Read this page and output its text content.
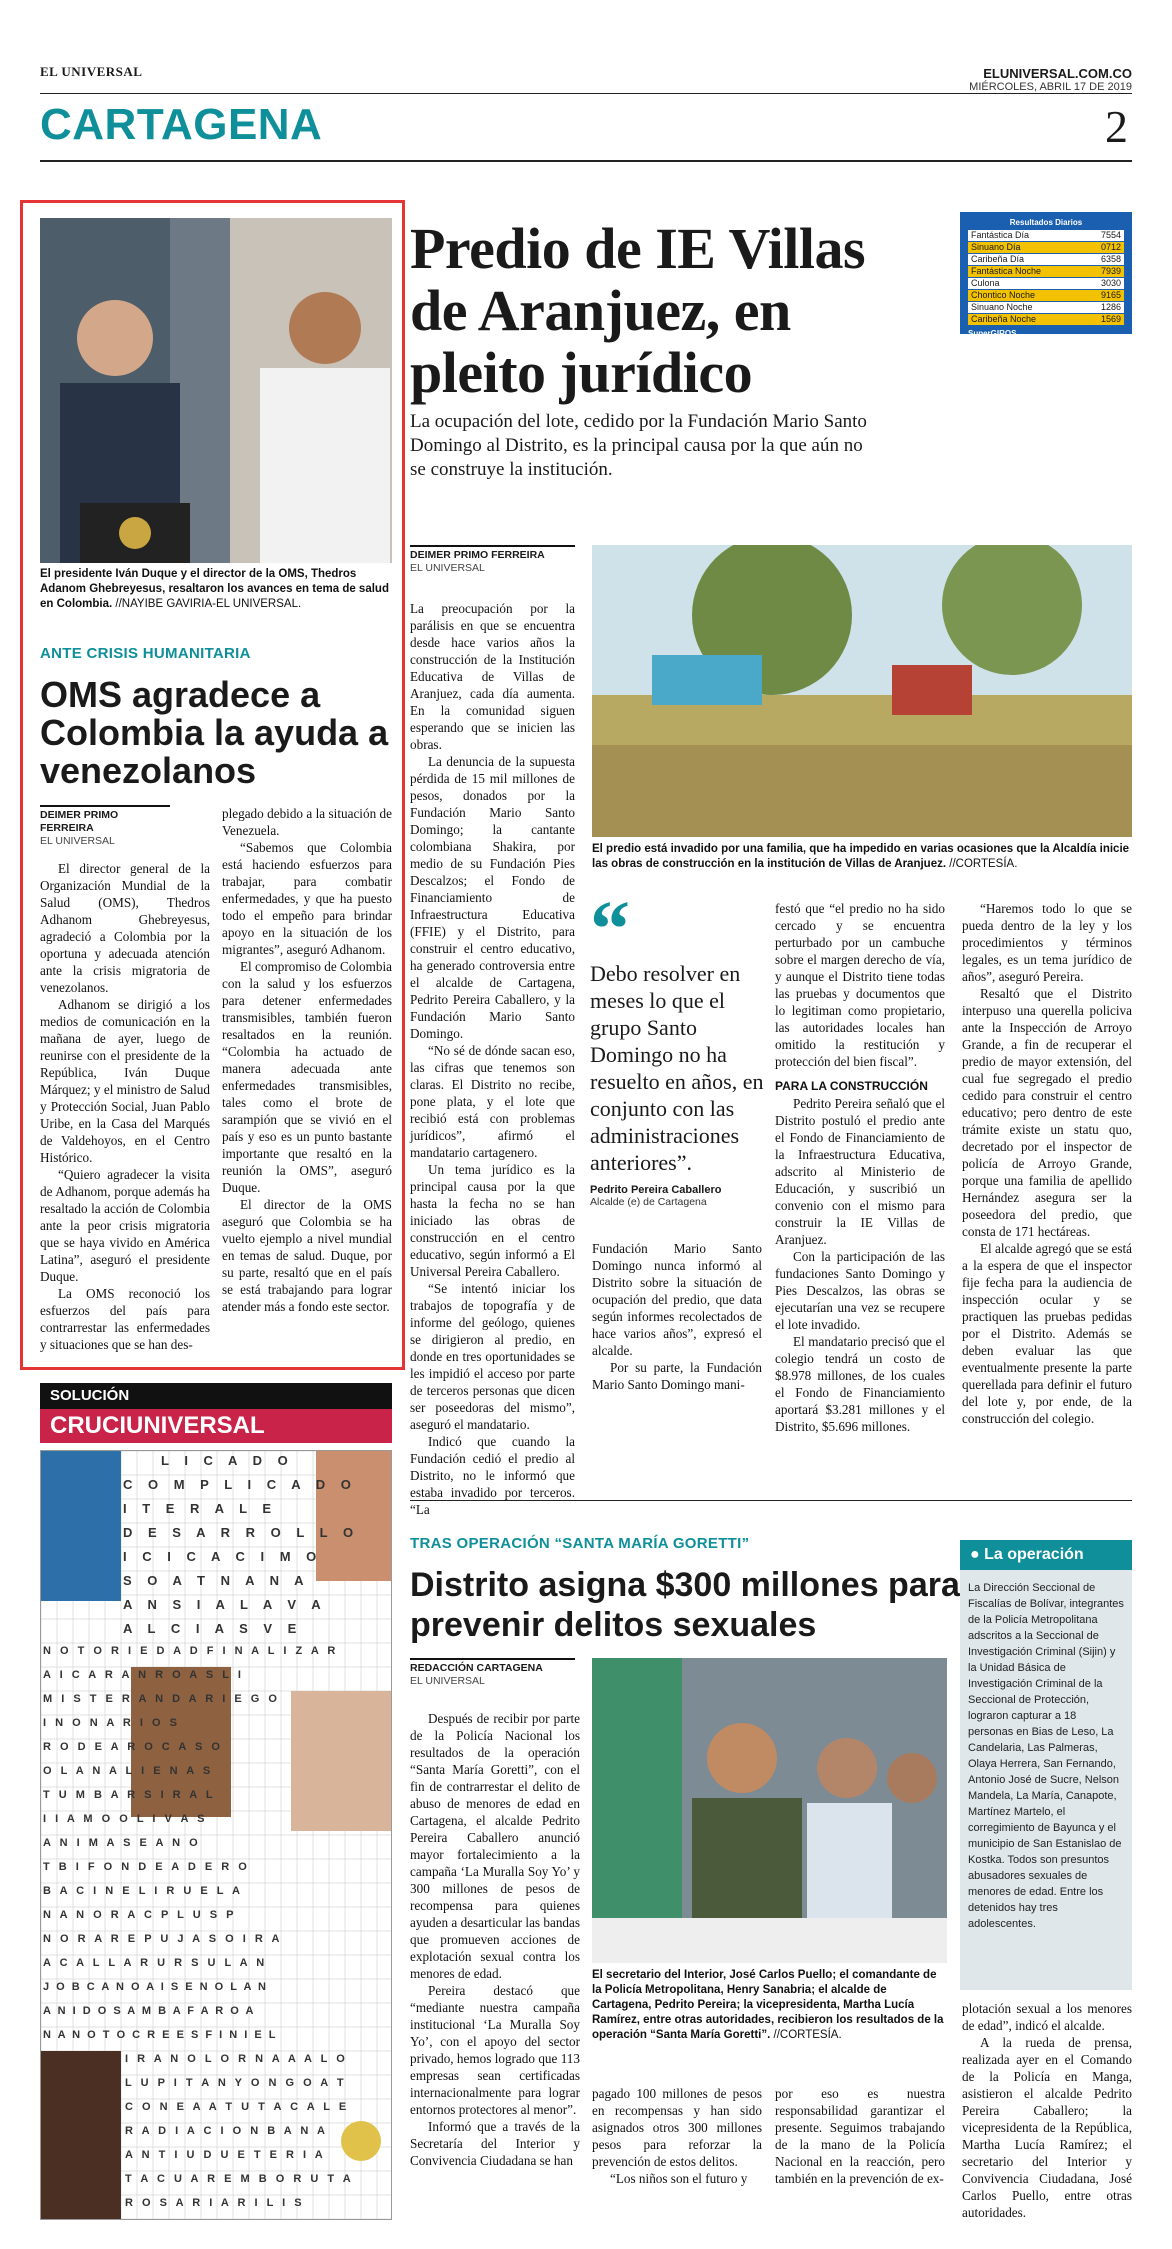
EL UNIVERSAL	ELUNIVERSAL.COM.CO
MIÉRCOLES, ABRIL 17 DE 2019
CARTAGENA	2
El presidente Iván Duque y el director de la OMS, Thedros Adanom Ghebreyesus, resaltaron los avances en tema de salud en Colombia. //NAYIBE GAVIRIA-EL UNIVERSAL.
ANTE CRISIS HUMANITARIA
OMS agradece a Colombia la ayuda a venezolanos
DEIMER PRIMO FERREIRA
EL UNIVERSAL

El director general de la Organización Mundial de la Salud (OMS), Thedros Adhanom Ghebreyesus, agradeció a Colombia por la oportuna y adecuada atención ante la crisis migratoria de venezolanos.

Adhanom se dirigió a los medios de comunicación en la mañana de ayer, luego de reunirse con el presidente de la República, Iván Duque Márquez; y el ministro de Salud y Protección Social, Juan Pablo Uribe, en la Casa del Marqués de Valdehoyos, en el Centro Histórico.

“Quiero agradecer la visita de Adhanom, porque además ha resaltado la acción de Colombia ante la peor crisis migratoria que se haya vivido en América Latina”, aseguró el presidente Duque.

La OMS reconoció los esfuerzos del país para contrarrestar las enfermedades y situaciones que se han des-

plegado debido a la situación de Venezuela.

“Sabemos que Colombia está haciendo esfuerzos para trabajar, para combatir enfermedades, y que ha puesto todo el empeño para brindar apoyo en la situación de los migrantes”, aseguró Adhanom.

El compromiso de Colombia con la salud y los esfuerzos para detener enfermedades transmisibles, también fueron resaltados en la reunión. “Colombia ha actuado de manera adecuada ante enfermedades transmisibles, tales como el brote de sarampión que se vivió en el país y eso es un punto bastante importante que resaltó en la reunión la OMS”, aseguró Duque.

El director de la OMS aseguró que Colombia se ha vuelto ejemplo a nivel mundial en temas de salud. Duque, por su parte, resaltó que en el país se está trabajando para lograr atender más a fondo este sector.

Resultados Diarios
Fantástica Día	7554
Sinuano Día	0712
Caribeña Día	6358
Fantástica Noche	7939
Culona	3030
Chontico Noche	9165
Sinuano Noche	1286
Caribeña Noche	1569
SuperGIROS
Predio de IE Villas de Aranjuez, en pleito jurídico
La ocupación del lote, cedido por la Fundación Mario Santo Domingo al Distrito, es la principal causa por la que aún no se construye la institución.
DEIMER PRIMO FERREIRA
EL UNIVERSAL

La preocupación por la parálisis en que se encuentra desde hace varios años la construcción de la Institución Educativa de Villas de Aranjuez, cada día aumenta. En la comunidad siguen esperando que se inicien las obras.

La denuncia de la supuesta pérdida de 15 mil millones de pesos, donados por la Fundación Mario Santo Domingo; la cantante colombiana Shakira, por medio de su Fundación Pies Descalzos; el Fondo de Financiamiento de Infraestructura Educativa (FFIE) y el Distrito, para construir el centro educativo, ha generado controversia entre el alcalde de Cartagena, Pedrito Pereira Caballero, y la Fundación Mario Santo Domingo.

“No sé de dónde sacan eso, las cifras que tenemos son claras. El Distrito no recibe, pone plata, y el lote que recibió está con problemas jurídicos”, afirmó el mandatario cartagenero.

Un tema jurídico es la principal causa por la que hasta la fecha no se han iniciado las obras de construcción en el centro educativo, según informó a El Universal Pereira Caballero.

“Se intentó iniciar los trabajos de topografía y de informe del geólogo, quienes se dirigieron al predio, en donde en tres oportunidades se les impidió el acceso por parte de terceros personas que dicen ser poseedoras del mismo”, aseguró el mandatario.

Indicó que cuando la Fundación cedió el predio al Distrito, no le informó que estaba invadido por terceros. “La

El predio está invadido por una familia, que ha impedido en varias ocasiones que la Alcaldía inicie las obras de construcción en la institución de Villas de Aranjuez. //CORTESÍA.
“
Debo resolver en meses lo que el grupo Santo Domingo no ha resuelto en años, en conjunto con las administraciones anteriores”.
Pedrito Pereira Caballero
Alcalde (e) de Cartagena

Fundación Mario Santo Domingo nunca informó al Distrito sobre la situación de ocupación del predio, que data según informes recolectados de hace varios años”, expresó el alcalde.

Por su parte, la Fundación Mario Santo Domingo mani-

festó que “el predio no ha sido cercado y se encuentra perturbado por un cambuche sobre el margen derecho de vía, y aunque el Distrito tiene todas las pruebas y documentos que lo legitiman como propietario, las autoridades locales han omitido la restitución y protección del bien fiscal”.

PARA LA CONSTRUCCIÓN

Pedrito Pereira señaló que el Distrito postuló el predio ante el Fondo de Financiamiento de la Infraestructura Educativa, adscrito al Ministerio de Educación, y suscribió un convenio con el mismo para construir la IE Villas de Aranjuez.

Con la participación de las fundaciones Santo Domingo y Pies Descalzos, las obras se ejecutarían una vez se recupere el lote invadido.

El mandatario precisó que el colegio tendrá un costo de $8.978 millones, de los cuales el Fondo de Financiamiento aportará $3.281 millones y el Distrito, $5.696 millones.

“Haremos todo lo que se pueda dentro de la ley y los procedimientos y términos legales, es un tema jurídico de años”, aseguró Pereira.

Resaltó que el Distrito interpuso una querella policiva ante la Inspección de Arroyo Grande, a fin de recuperar el predio de mayor extensión, del cual fue segregado el predio cedido para construir el centro educativo; pero dentro de este trámite existe un statu quo, decretado por el inspector de policía de Arroyo Grande, porque una familia de apellido Hernández asegura ser la poseedora del predio, que consta de 171 hectáreas.

El alcalde agregó que se está a la espera de que el inspector fije fecha para la audiencia de inspección ocular y se practiquen las pruebas pedidas por el Distrito. Además se deben evaluar las que eventualmente presente la parte querellada para definir el futuro del lote y, por ende, de la construcción del colegio.

SOLUCIÓN
CRUCIUNIVERSAL
L I C A D O
C O M P L I C A D O
I T E R A L E
D E S A R R O L L O
I C I C A C I M O
S O A T N A N A
A N S I A L A V A
A L C I A S V E
N O T O R I E D A D F I N A L I Z A R
A I C A R A N R O A S L I
M I S T E R A N D A R I E G O
I N O N A R I O S
R O D E A R O C A S O
O L A N A L I E N A S
T U M B A R S I R A L
I I A M O O L I V A S
A N I M A S E A N O
T B I F O N D E A D E R O
B A C I N E L I R U E L A
N A N O R A C P L U S P
N O R A R E P U J A S O I R A
A C A L L A R U R S U L A N
J O B C A N O A I S E N O L A N
A N I D O S A M B A F A R O A
N A N O T O C R E E S F I N I E L
I R A N O L O R N A A A L O
L U P I T A N Y O N G O A T
C O N E A A T U T A C A L E
R A D I A C I O N B A N A
A N T I U D U E T E R I A
T A C U A R E M B O R U T A
R O S A R I A R I L I S
TRAS OPERACIÓN “SANTA MARÍA GORETTI”
Distrito asigna $300 millones para prevenir delitos sexuales
REDACCIÓN CARTAGENA
EL UNIVERSAL

Después de recibir por parte de la Policía Nacional los resultados de la operación “Santa María Goretti”, con el fin de contrarrestar el delito de abuso de menores de edad en Cartagena, el alcalde Pedrito Pereira Caballero anunció mayor fortalecimiento a la campaña ‘La Muralla Soy Yo’ y 300 millones de pesos de recompensa para quienes ayuden a desarticular las bandas que promueven acciones de explotación sexual contra los menores de edad.

Pereira destacó que “mediante nuestra campaña institucional ‘La Muralla Soy Yo’, con el apoyo del sector privado, hemos logrado que 113 empresas sean certificadas internacionalmente para lograr entornos protectores al menor”.

Informó que a través de la Secretaría del Interior y Convivencia Ciudadana se han

El secretario del Interior, José Carlos Puello; el comandante de la Policía Metropolitana, Henry Sanabria; el alcalde de Cartagena, Pedrito Pereira; la vicepresidenta, Martha Lucía Ramírez, entre otras autoridades, recibieron los resultados de la operación “Santa María Goretti”. //CORTESÍA.

pagado 100 millones de pesos en recompensas y han sido asignados otros 300 millones pesos para reforzar la prevención de estos delitos.

“Los niños son el futuro y

por eso es nuestra responsabilidad garantizar el presente. Seguimos trabajando de la mano de la Policía Nacional en la reacción, pero también en la prevención de ex-

plotación sexual a los menores de edad”, indicó el alcalde.

A la rueda de prensa, realizada ayer en el Comando de la Policía en Manga, asistieron el alcalde Pedrito Pereira Caballero; la vicepresidenta de la República, Martha Lucía Ramírez; el secretario del Interior y Convivencia Ciudadana, José Carlos Puello, entre otras autoridades.

● La operación
La Dirección Seccional de Fiscalías de Bolívar, integrantes de la Policía Metropolitana adscritos a la Seccional de Investigación Criminal (Sijin) y la Unidad Básica de Investigación Criminal de la Seccional de Protección, lograron capturar a 18 personas en Bias de Leso, La Candelaria, Las Palmeras, Olaya Herrera, San Fernando, Antonio José de Sucre, Nelson Mandela, La María, Canapote, Martínez Martelo, el corregimiento de Bayunca y el municipio de San Estanislao de Kostka. Todos son presuntos abusadores sexuales de menores de edad. Entre los detenidos hay tres adolescentes.
